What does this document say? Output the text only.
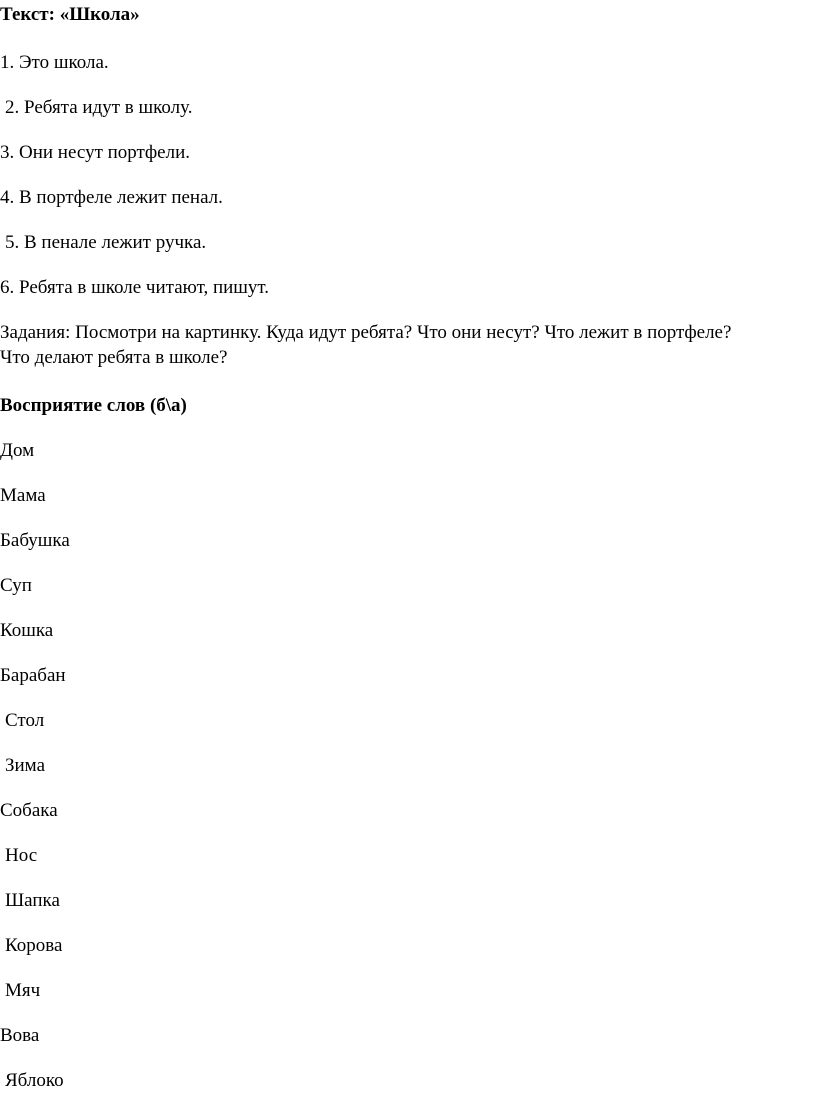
Текст: «Школа»
1. Это школа.
2. Ребята идут в школу.
3. Они несут портфели.
4. В портфеле лежит пенал.
5. В пенале лежит ручка.
6. Ребята в школе читают, пишут.
Задания: Посмотри на картинку. Куда идут ребята? Что они несут? Что лежит в портфеле?
Что делают ребята в школе?
Восприятие слов (б\а)
Дом
Мама
Бабушка
Суп
Кошка
Барабан
Стол
Зима
Собака
Нос
Шапка
Корова
Мяч
Вова
Яблоко
